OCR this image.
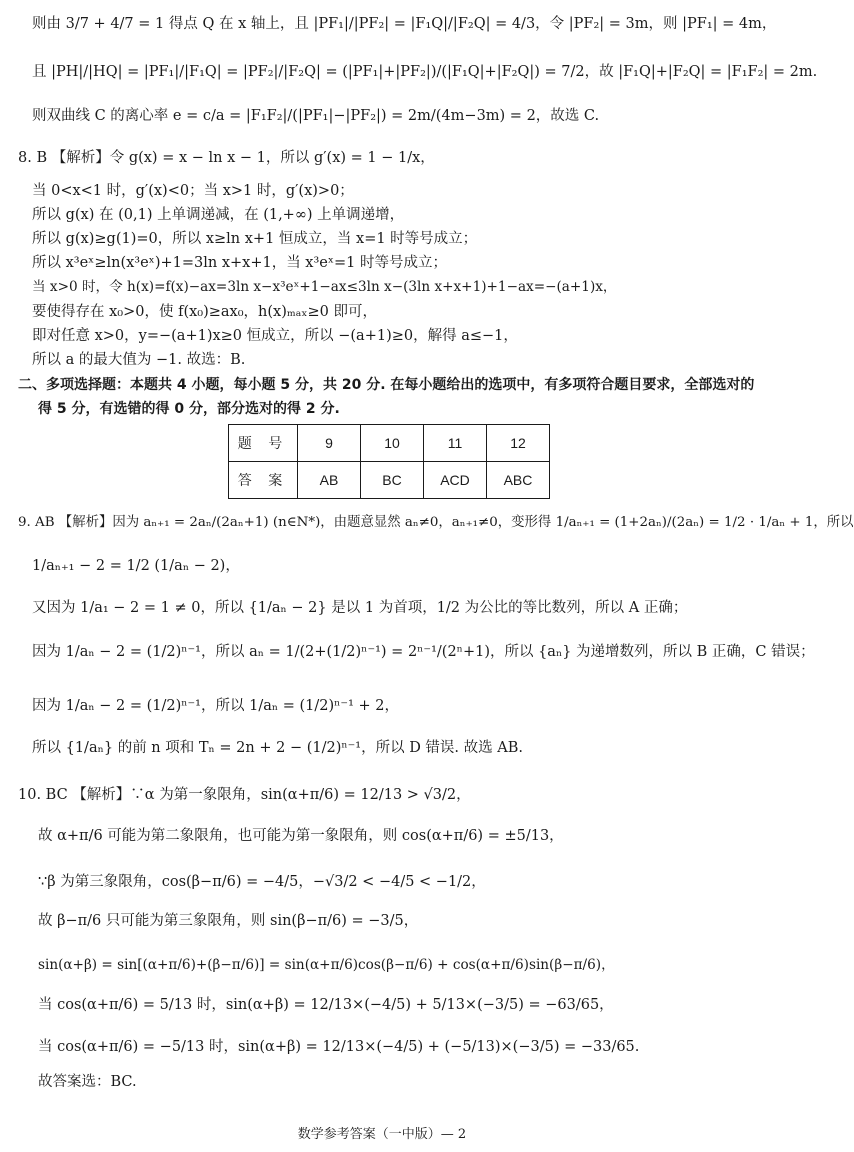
则由 3/7 + 4/7 = 1 得点 Q 在 x 轴上，且 |PF₁|/|PF₂| = |F₁Q|/|F₂Q| = 4/3，令 |PF₂| = 3m，则 |PF₁| = 4m，
且 |PH|/|HQ| = |PF₁|/|F₁Q| = |PF₂|/|F₂Q| = (|PF₁|+|PF₂|)/(|F₁Q|+|F₂Q|) = 7/2，故 |F₁Q|+|F₂Q| = |F₁F₂| = 2m.
则双曲线 C 的离心率 e = c/a = |F₁F₂|/(|PF₁|−|PF₂|) = 2m/(4m−3m) = 2，故选 C.
8. B 【解析】令 g(x) = x − ln x − 1，所以 g′(x) = 1 − 1/x，
当 0<x<1 时，g′(x)<0；当 x>1 时，g′(x)>0；
所以 g(x) 在 (0,1) 上单调递减，在 (1,+∞) 上单调递增，
所以 g(x)≥g(1)=0，所以 x≥ln x+1 恒成立，当 x=1 时等号成立；
所以 x³eˣ≥ln(x³eˣ)+1=3ln x+x+1，当 x³eˣ=1 时等号成立；
当 x>0 时，令 h(x)=f(x)−ax=3ln x−x³eˣ+1−ax≤3ln x−(3ln x+x+1)+1−ax=−(a+1)x，
要使得存在 x₀>0，使 f(x₀)≥ax₀，h(x)ₘₐₓ≥0 即可，
即对任意 x>0，y=−(a+1)x≥0 恒成立，所以 −(a+1)≥0，解得 a≤−1，
所以 a 的最大值为 −1. 故选：B.
二、多项选择题：本题共 4 小题，每小题 5 分，共 20 分. 在每小题给出的选项中，有多项符合题目要求，全部选对的
得 5 分，有选错的得 0 分，部分选对的得 2 分.
题 号	9	10	11	12
答 案	AB	BC	ACD	ABC
9. AB 【解析】因为 aₙ₊₁ = 2aₙ/(2aₙ+1) (n∈N*)，由题意显然 aₙ≠0，aₙ₊₁≠0，变形得 1/aₙ₊₁ = (1+2aₙ)/(2aₙ) = 1/2 · 1/aₙ + 1，所以
1/aₙ₊₁ − 2 = 1/2 (1/aₙ − 2)，
又因为 1/a₁ − 2 = 1 ≠ 0，所以 {1/aₙ − 2} 是以 1 为首项，1/2 为公比的等比数列，所以 A 正确；
因为 1/aₙ − 2 = (1/2)ⁿ⁻¹，所以 aₙ = 1/(2+(1/2)ⁿ⁻¹) = 2ⁿ⁻¹/(2ⁿ+1)，所以 {aₙ} 为递增数列，所以 B 正确，C 错误；
因为 1/aₙ − 2 = (1/2)ⁿ⁻¹，所以 1/aₙ = (1/2)ⁿ⁻¹ + 2，
所以 {1/aₙ} 的前 n 项和 Tₙ = 2n + 2 − (1/2)ⁿ⁻¹，所以 D 错误. 故选 AB.
10. BC 【解析】∵α 为第一象限角，sin(α+π/6) = 12/13 > √3/2，
故 α+π/6 可能为第二象限角，也可能为第一象限角，则 cos(α+π/6) = ±5/13，
∵β 为第三象限角，cos(β−π/6) = −4/5，−√3/2 < −4/5 < −1/2，
故 β−π/6 只可能为第三象限角，则 sin(β−π/6) = −3/5，
sin(α+β) = sin[(α+π/6)+(β−π/6)] = sin(α+π/6)cos(β−π/6) + cos(α+π/6)sin(β−π/6)，
当 cos(α+π/6) = 5/13 时，sin(α+β) = 12/13×(−4/5) + 5/13×(−3/5) = −63/65，
当 cos(α+π/6) = −5/13 时，sin(α+β) = 12/13×(−4/5) + (−5/13)×(−3/5) = −33/65.
故答案选：BC.
数学参考答案（一中版）— 2
